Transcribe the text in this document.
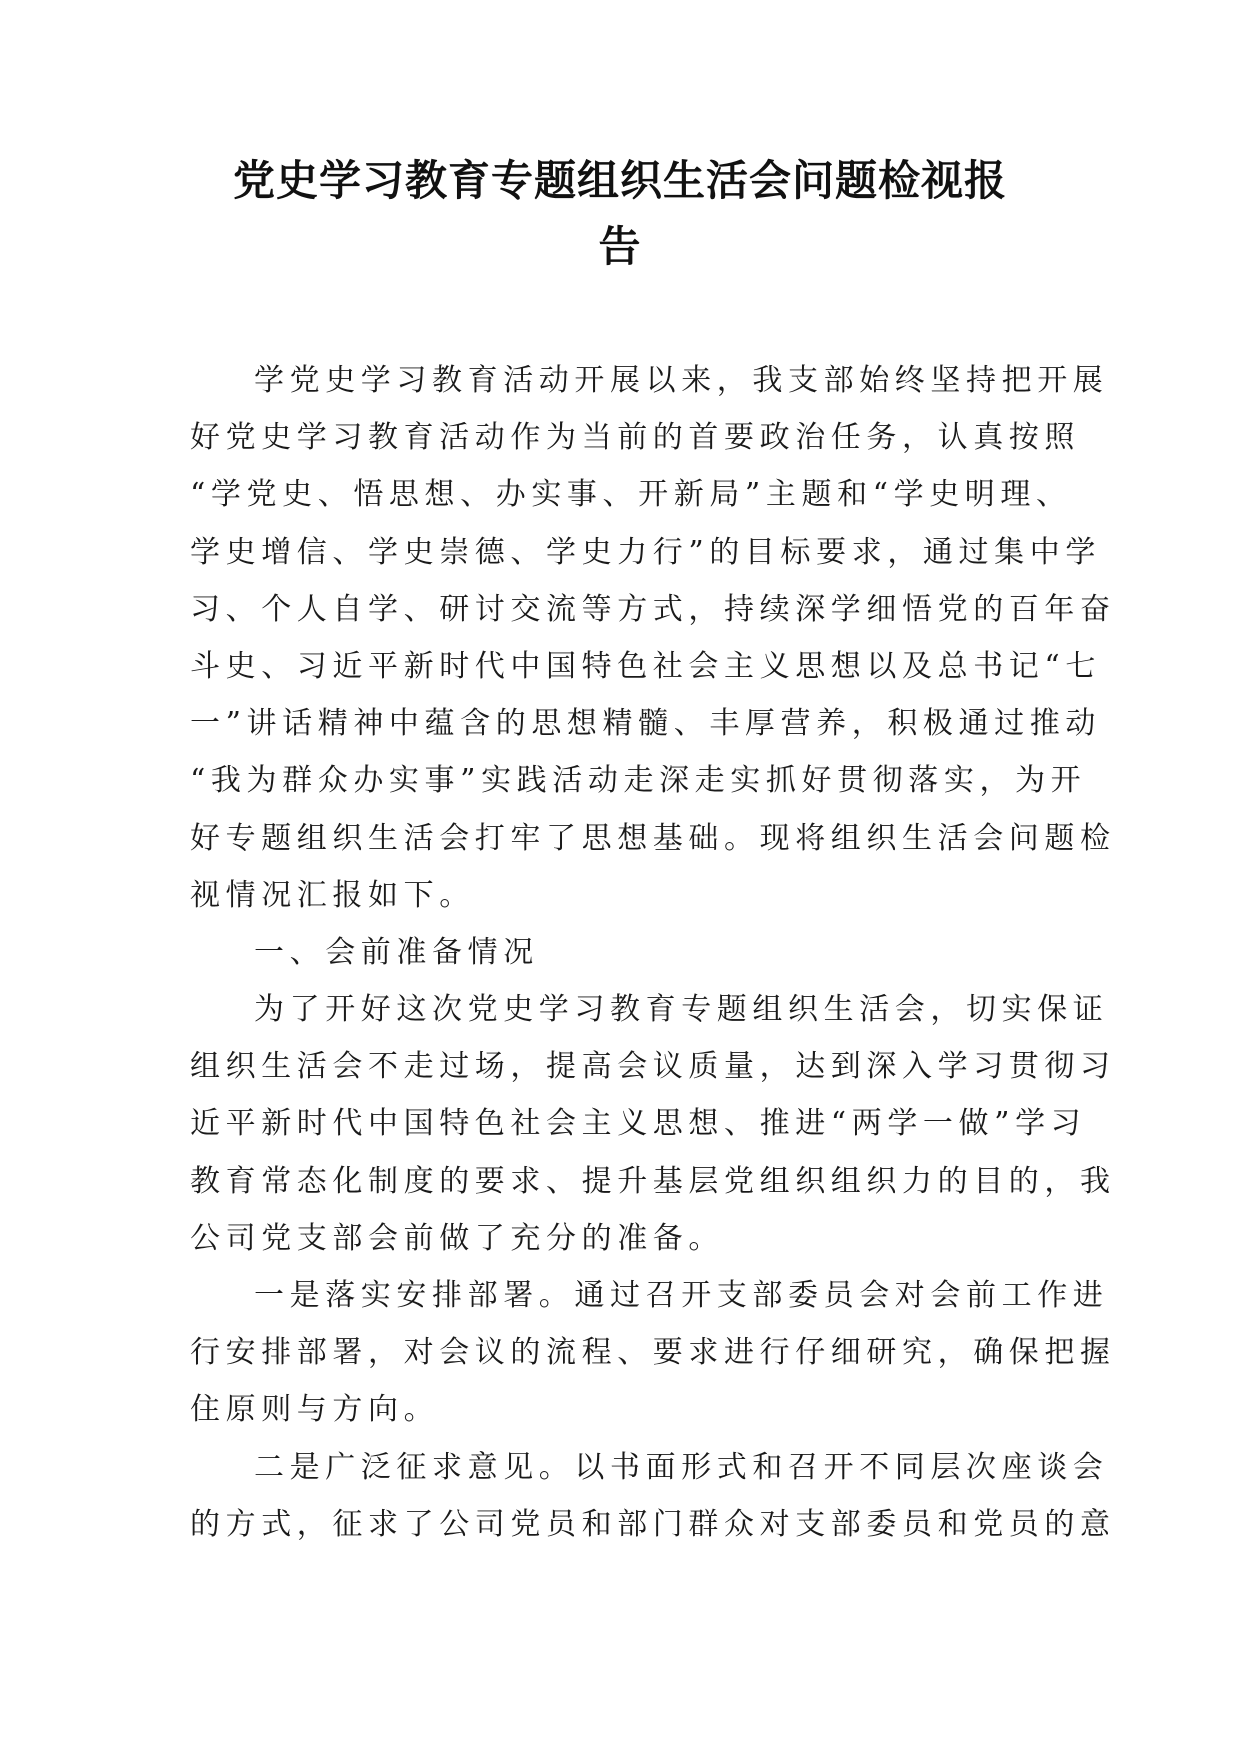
党史学习教育专题组织生活会问题检视报
告
学党史学习教育活动开展以来，我支部始终坚持把开展
好党史学习教育活动作为当前的首要政治任务，认真按照
“学党史、悟思想、办实事、开新局”主题和“学史明理、
学史增信、学史崇德、学史力行”的目标要求，通过集中学
习、个人自学、研讨交流等方式，持续深学细悟党的百年奋
斗史、习近平新时代中国特色社会主义思想以及总书记“七
一”讲话精神中蕴含的思想精髓、丰厚营养，积极通过推动
“我为群众办实事”实践活动走深走实抓好贯彻落实，为开
好专题组织生活会打牢了思想基础。现将组织生活会问题检
视情况汇报如下。
一、会前准备情况
为了开好这次党史学习教育专题组织生活会，切实保证
组织生活会不走过场，提高会议质量，达到深入学习贯彻习
近平新时代中国特色社会主义思想、推进“两学一做”学习
教育常态化制度的要求、提升基层党组织组织力的目的，我
公司党支部会前做了充分的准备。
一是落实安排部署。通过召开支部委员会对会前工作进
行安排部署，对会议的流程、要求进行仔细研究，确保把握
住原则与方向。
二是广泛征求意见。以书面形式和召开不同层次座谈会
的方式，征求了公司党员和部门群众对支部委员和党员的意
